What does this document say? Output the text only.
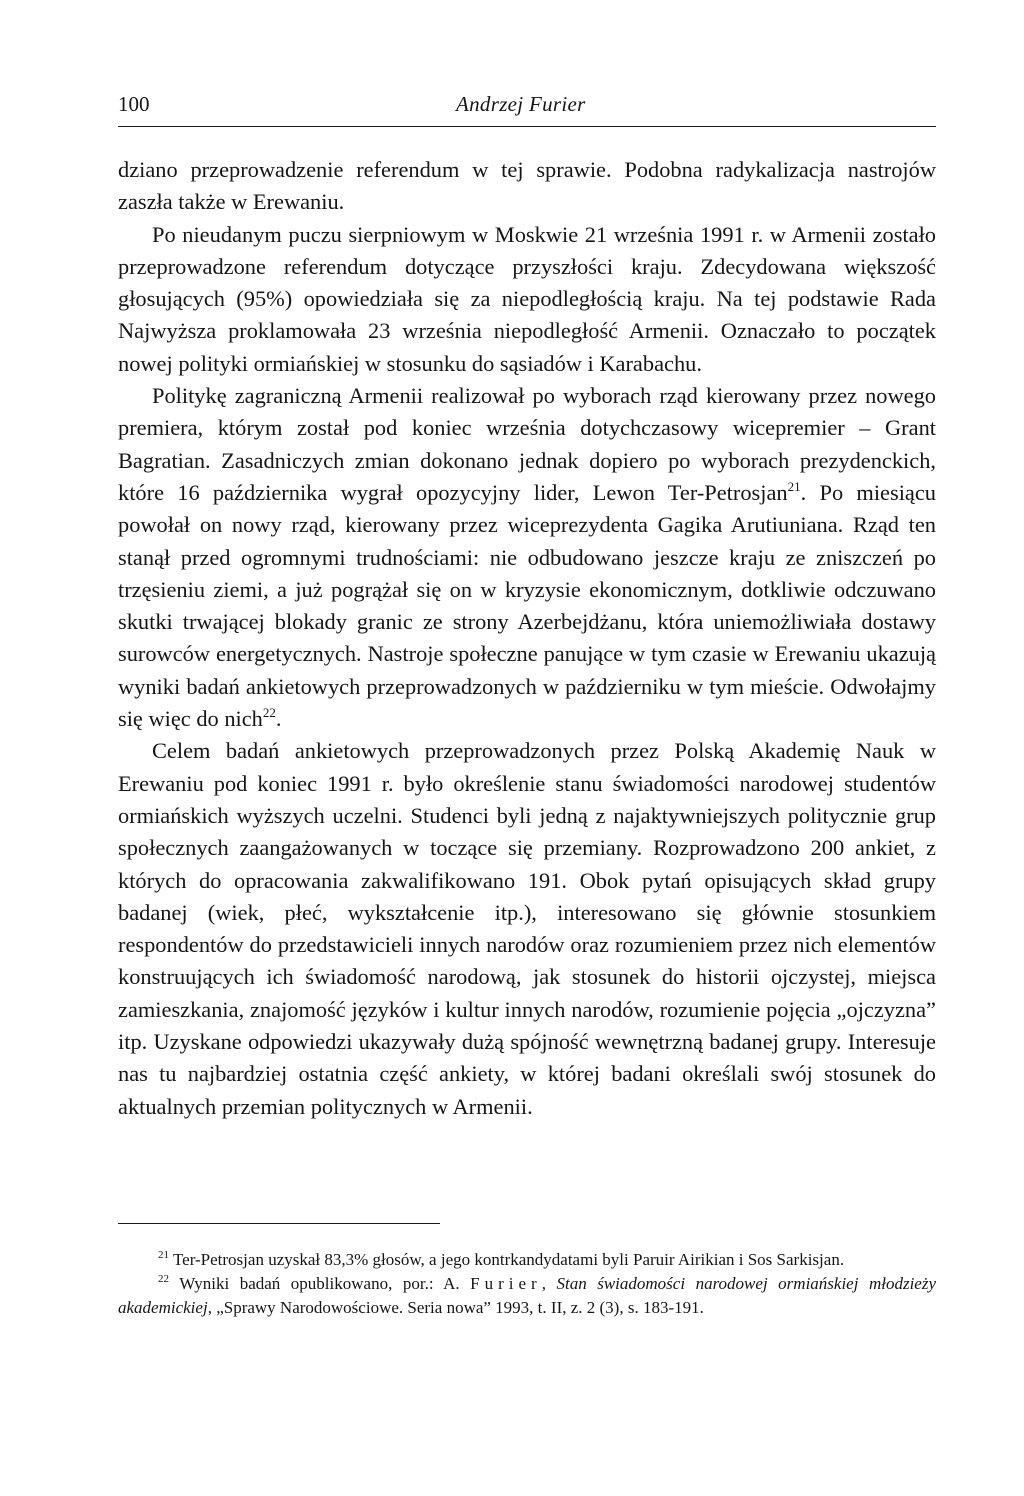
100	Andrzej Furier

dziano przeprowadzenie referendum w tej sprawie. Podobna radykalizacja nastrojów zaszła także w Erewaniu.

Po nieudanym puczu sierpniowym w Moskwie 21 września 1991 r. w Armenii zostało przeprowadzone referendum dotyczące przyszłości kraju. Zdecydowana większość głosujących (95%) opowiedziała się za niepodległością kraju. Na tej podstawie Rada Najwyższa proklamowała 23 września niepodległość Armenii. Oznaczało to początek nowej polityki ormiańskiej w stosunku do sąsiadów i Karabachu.

Politykę zagraniczną Armenii realizował po wyborach rząd kierowany przez nowego premiera, którym został pod koniec września dotychczasowy wicepremier – Grant Bagratian. Zasadniczych zmian dokonano jednak dopiero po wyborach prezydenckich, które 16 października wygrał opozycyjny lider, Lewon Ter-Petrosjan$^{21}$. Po miesiącu powołał on nowy rząd, kierowany przez wiceprezydenta Gagika Arutiuniana. Rząd ten stanął przed ogromnymi trudnościami: nie odbudowano jeszcze kraju ze zniszczeń po trzęsieniu ziemi, a już pogrążał się on w kryzysie ekonomicznym, dotkliwie odczuwano skutki trwającej blokady granic ze strony Azerbejdżanu, która uniemożliwiała dostawy surowców energetycznych. Nastroje społeczne panujące w tym czasie w Erewaniu ukazują wyniki badań ankietowych przeprowadzonych w październiku w tym mieście. Odwołajmy się więc do nich$^{22}$.

Celem badań ankietowych przeprowadzonych przez Polską Akademię Nauk w Erewaniu pod koniec 1991 r. było określenie stanu świadomości narodowej studentów ormiańskich wyższych uczelni. Studenci byli jedną z najaktywniejszych politycznie grup społecznych zaangażowanych w toczące się przemiany. Rozprowadzono 200 ankiet, z których do opracowania zakwalifikowano 191. Obok pytań opisujących skład grupy badanej (wiek, płeć, wykształcenie itp.), interesowano się głównie stosunkiem respondentów do przedstawicieli innych narodów oraz rozumieniem przez nich elementów konstruujących ich świadomość narodową, jak stosunek do historii ojczystej, miejsca zamieszkania, znajomość języków i kultur innych narodów, rozumienie pojęcia „ojczyzna” itp. Uzyskane odpowiedzi ukazywały dużą spójność wewnętrzną badanej grupy. Interesuje nas tu najbardziej ostatnia część ankiety, w której badani określali swój stosunek do aktualnych przemian politycznych w Armenii.

$^{21}$ Ter-Petrosjan uzyskał 83,3% głosów, a jego kontrkandydatami byli Paruir Airikian i Sos Sarkisjan.

$^{22}$ Wyniki badań opublikowano, por.: A. Furier, Stan świadomości narodowej ormiańskiej młodzieży akademickiej, „Sprawy Narodowościowe. Seria nowa” 1993, t. II, z. 2 (3), s. 183-191.
